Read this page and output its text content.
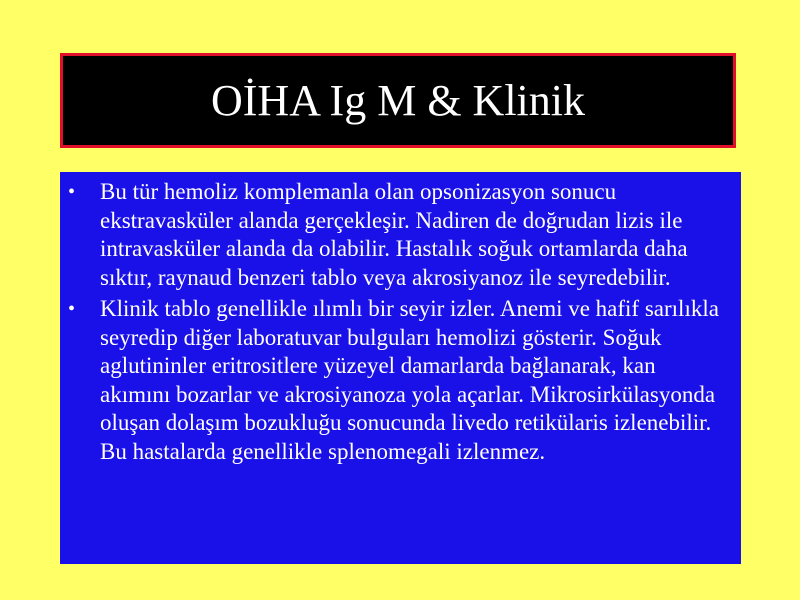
OİHA Ig M & Klinik
•	Bu tür hemoliz komplemanla olan opsonizasyon sonucu ekstravasküler alanda gerçekleşir. Nadiren de doğrudan lizis ile intravasküler alanda da olabilir. Hastalık soğuk ortamlarda daha sıktır, raynaud benzeri tablo veya akrosiyanoz ile seyredebilir.
•	Klinik tablo genellikle ılımlı bir seyir izler. Anemi ve hafif sarılıkla seyredip diğer laboratuvar bulguları hemolizi gösterir. Soğuk aglutininler eritrositlere yüzeyel damarlarda bağlanarak, kan akımını bozarlar ve akrosiyanoza yola açarlar. Mikrosirkülasyonda oluşan dolaşım bozukluğu sonucunda livedo retikülaris izlenebilir. Bu hastalarda genellikle splenomegali izlenmez.
